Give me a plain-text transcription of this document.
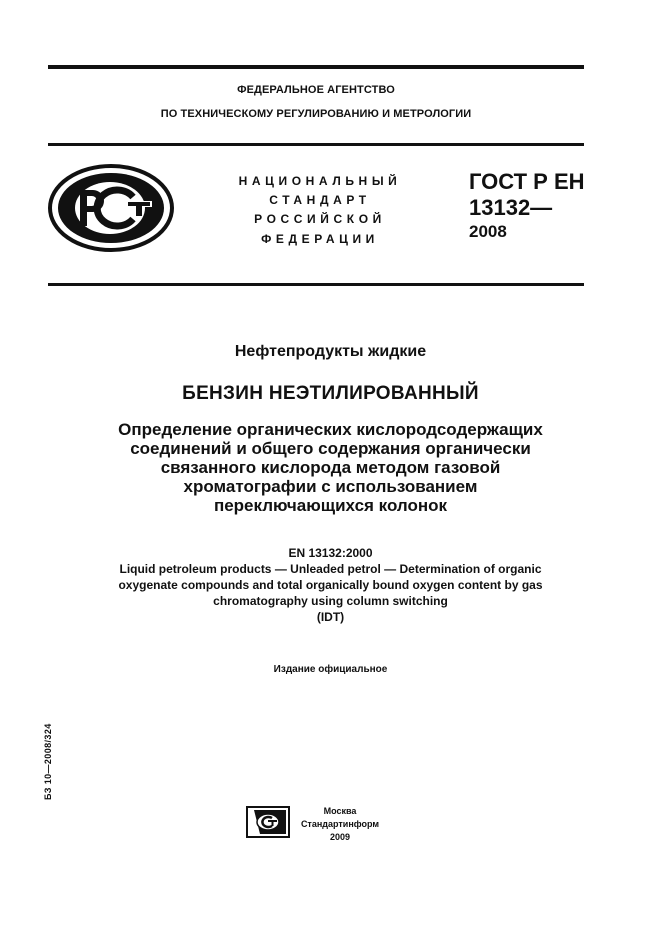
ФЕДЕРАЛЬНОЕ АГЕНТСТВО
ПО ТЕХНИЧЕСКОМУ РЕГУЛИРОВАНИЮ И МЕТРОЛОГИИ
НАЦИОНАЛЬНЫЙ
СТАНДАРТ
РОССИЙСКОЙ
ФЕДЕРАЦИИ
ГОСТ Р ЕН
13132—
2008
Нефтепродукты жидкие
БЕНЗИН НЕЭТИЛИРОВАННЫЙ
Определение органических кислородсодержащих
соединений и общего содержания органически
связанного кислорода методом газовой
хроматографии с использованием
переключающихся колонок
EN 13132:2000
Liquid petroleum products — Unleaded petrol — Determination of organic
oxygenate compounds and total organically bound oxygen content by gas
chromatography using column switching
(IDT)
Издание официальное
БЗ 10—2008/324
Москва
Стандартинформ
2009
